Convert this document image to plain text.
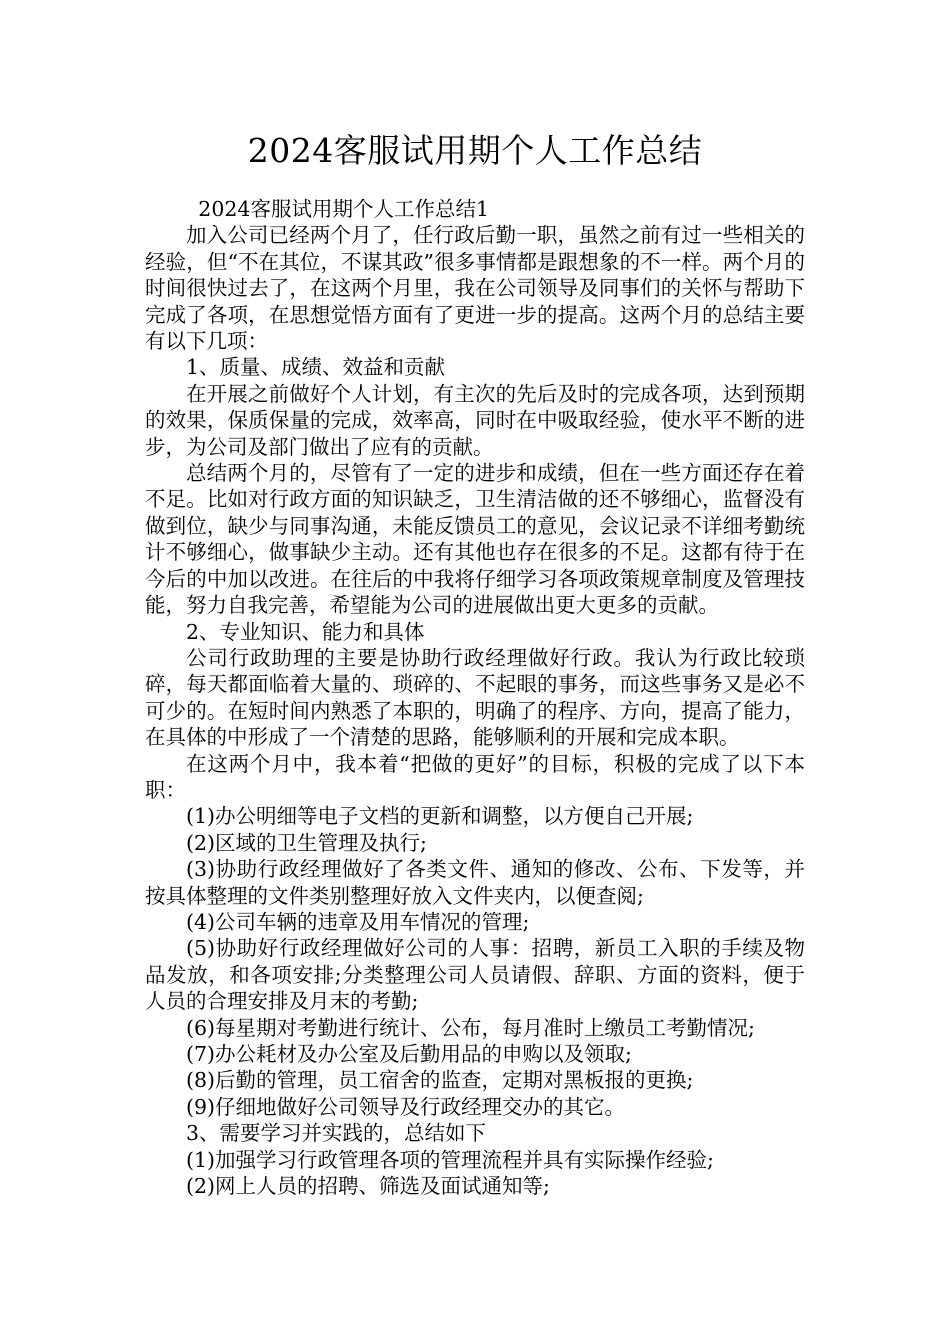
2024客服试用期个人工作总结

2024客服试用期个人工作总结1

加入公司已经两个月了，任行政后勤一职，虽然之前有过一些相关的经验，但“不在其位，不谋其政”很多事情都是跟想象的不一样。两个月的时间很快过去了，在这两个月里，我在公司领导及同事们的关怀与帮助下完成了各项，在思想觉悟方面有了更进一步的提高。这两个月的总结主要有以下几项：

1、质量、成绩、效益和贡献

在开展之前做好个人计划，有主次的先后及时的完成各项，达到预期的效果，保质保量的完成，效率高，同时在中吸取经验，使水平不断的进步，为公司及部门做出了应有的贡献。

总结两个月的，尽管有了一定的进步和成绩，但在一些方面还存在着不足。比如对行政方面的知识缺乏，卫生清洁做的还不够细心，监督没有做到位，缺少与同事沟通，未能反馈员工的意见，会议记录不详细考勤统计不够细心，做事缺少主动。还有其他也存在很多的不足。这都有待于在今后的中加以改进。在往后的中我将仔细学习各项政策规章制度及管理技能，努力自我完善，希望能为公司的进展做出更大更多的贡献。

2、专业知识、能力和具体

公司行政助理的主要是协助行政经理做好行政。我认为行政比较琐碎，每天都面临着大量的、琐碎的、不起眼的事务，而这些事务又是必不可少的。在短时间内熟悉了本职的，明确了的程序、方向，提高了能力，在具体的中形成了一个清楚的思路，能够顺利的开展和完成本职。

在这两个月中，我本着“把做的更好”的目标，积极的完成了以下本职：

(1)办公明细等电子文档的更新和调整，以方便自己开展;

(2)区域的卫生管理及执行;

(3)协助行政经理做好了各类文件、通知的修改、公布、下发等，并按具体整理的文件类别整理好放入文件夹内，以便查阅;

(4)公司车辆的违章及用车情况的管理;

(5)协助好行政经理做好公司的人事：招聘，新员工入职的手续及物品发放，和各项安排;分类整理公司人员请假、辞职、方面的资料，便于人员的合理安排及月末的考勤;

(6)每星期对考勤进行统计、公布，每月准时上缴员工考勤情况;

(7)办公耗材及办公室及后勤用品的申购以及领取;

(8)后勤的管理，员工宿舍的监查，定期对黑板报的更换;

(9)仔细地做好公司领导及行政经理交办的其它。

3、需要学习并实践的，总结如下

(1)加强学习行政管理各项的管理流程并具有实际操作经验;

(2)网上人员的招聘、筛选及面试通知等;
